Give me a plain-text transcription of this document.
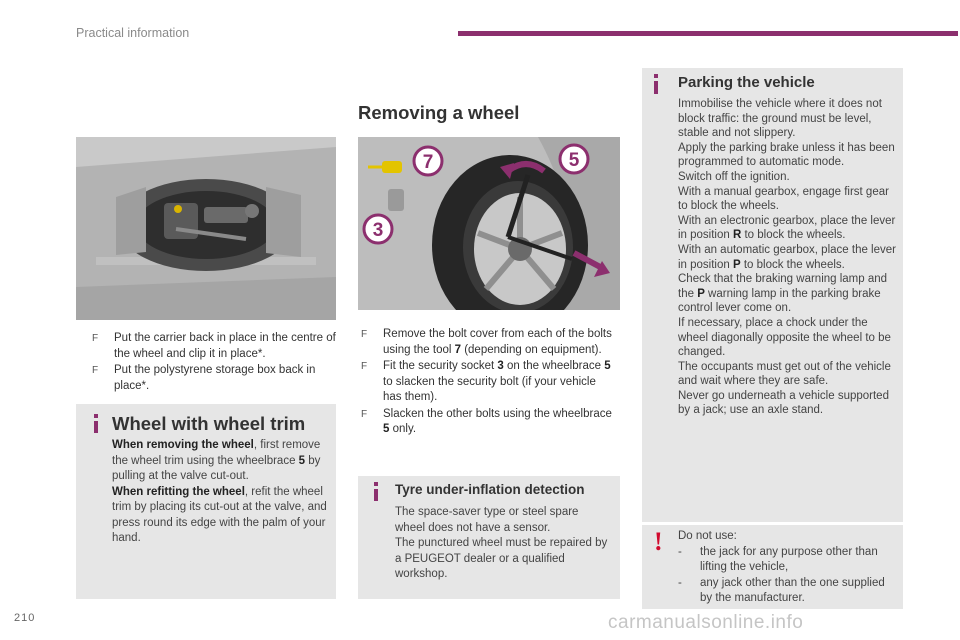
Practical information
F Put the carrier back in place in the centre of the wheel and clip it in place*.
F Put the polystyrene storage box back in place*.
Wheel with wheel trim
When removing the wheel, first remove the wheel trim using the wheelbrace 5 by pulling at the valve cut-out.
When refitting the wheel, refit the wheel trim by placing its cut-out at the valve, and press round its edge with the palm of your hand.
Removing a wheel
7	5
3
F Remove the bolt cover from each of the bolts using the tool 7 (depending on equipment).
F Fit the security socket 3 on the wheelbrace 5 to slacken the security bolt (if your vehicle has them).
F Slacken the other bolts using the wheelbrace 5 only.
Tyre under-inflation detection
The space-saver type or steel spare wheel does not have a sensor.
The punctured wheel must be repaired by a PEUGEOT dealer or a qualified workshop.
Parking the vehicle
Immobilise the vehicle where it does not block traffic: the ground must be level, stable and not slippery.
Apply the parking brake unless it has been programmed to automatic mode.
Switch off the ignition.
With a manual gearbox, engage first gear to block the wheels.
With an electronic gearbox, place the lever in position R to block the wheels.
With an automatic gearbox, place the lever in position P to block the wheels.
Check that the braking warning lamp and the P warning lamp in the parking brake control lever come on.
If necessary, place a chock under the wheel diagonally opposite the wheel to be changed.
The occupants must get out of the vehicle and wait where they are safe.
Never go underneath a vehicle supported by a jack; use an axle stand.
! Do not use:
- the jack for any purpose other than lifting the vehicle,
- any jack other than the one supplied by the manufacturer.
210	carmanualsonline.info
